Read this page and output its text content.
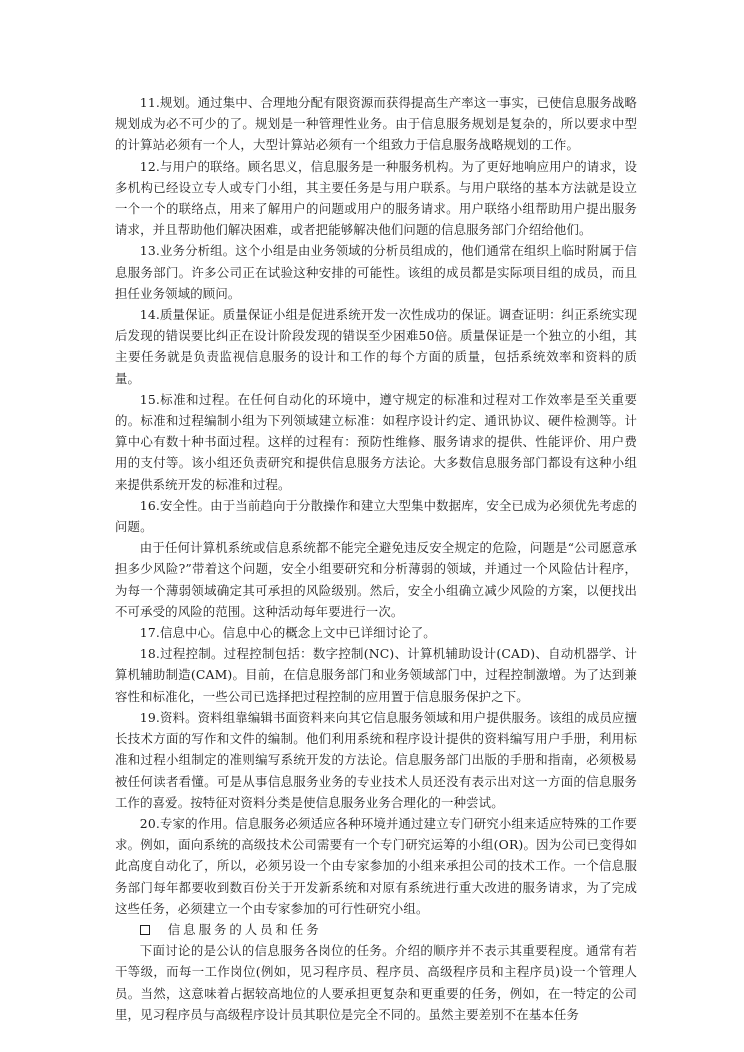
11.规划。通过集中、合理地分配有限资源而获得提高生产率这一事实，已使信息服务战略规划成为必不可少的了。规划是一种管理性业务。由于信息服务规划是复杂的，所以要求中型的计算站必须有一个人，大型计算站必须有一个组致力于信息服务战略规划的工作。

12.与用户的联络。顾名思义，信息服务是一种服务机构。为了更好地响应用户的请求，设多机构已经设立专人或专门小组，其主要任务是与用户联系。与用户联络的基本方法就是设立一个一个的联络点，用来了解用户的问题或用户的服务请求。用户联络小组帮助用户提出服务请求，并且帮助他们解决困难，或者把能够解决他们问题的信息服务部门介绍给他们。

13.业务分析组。这个小组是由业务领域的分析员组成的，他们通常在组织上临时附属于信息服务部门。许多公司正在试验这种安排的可能性。该组的成员都是实际项目组的成员，而且担任业务领域的顾问。

14.质量保证。质量保证小组是促进系统开发一次性成功的保证。调查证明：纠正系统实现后发现的错误要比纠正在设计阶段发现的错误至少困难50倍。质量保证是一个独立的小组，其主要任务就是负责监视信息服务的设计和工作的每个方面的质量，包括系统效率和资料的质量。

15.标准和过程。在任何自动化的环境中，遵守规定的标准和过程对工作效率是至关重要的。标准和过程编制小组为下列领域建立标准：如程序设计约定、通讯协议、硬件检测等。计算中心有数十种书面过程。这样的过程有：预防性维修、服务请求的提供、性能评价、用户费用的支付等。该小组还负责研究和提供信息服务方法论。大多数信息服务部门都设有这种小组来提供系统开发的标准和过程。

16.安全性。由于当前趋向于分散操作和建立大型集中数据库，安全已成为必须优先考虑的问题。

由于任何计算机系统或信息系统都不能完全避免违反安全规定的危险，问题是“公司愿意承担多少风险?”带着这个问题，安全小组要研究和分析薄弱的领域，并通过一个风险估计程序，为每一个薄弱领域确定其可承担的风险级别。然后，安全小组确立减少风险的方案，以便找出不可承受的风险的范围。这种活动每年要进行一次。

17.信息中心。信息中心的概念上文中已详细讨论了。

18.过程控制。过程控制包括：数字控制(NC)、计算机辅助设计(CAD)、自动机器学、计算机辅助制造(CAM)。目前，在信息服务部门和业务领域部门中，过程控制激增。为了达到兼容性和标准化，一些公司已选择把过程控制的应用置于信息服务保护之下。

19.资料。资料组靠编辑书面资料来向其它信息服务领域和用户提供服务。该组的成员应擅长技术方面的写作和文件的编制。他们利用系统和程序设计提供的资料编写用户手册，利用标准和过程小组制定的准则编写系统开发的方法论。信息服务部门出版的手册和指南，必须极易被任何读者看懂。可是从事信息服务业务的专业技术人员还没有表示出对这一方面的信息服务工作的喜爱。按特征对资料分类是使信息服务业务合理化的一种尝试。

20.专家的作用。信息服务必须适应各种环境并通过建立专门研究小组来适应特殊的工作要求。例如，面向系统的高级技术公司需要有一个专门研究运筹的小组(OR)。因为公司已变得如此高度自动化了，所以，必须另设一个由专家参加的小组来承担公司的技术工作。一个信息服务部门每年都要收到数百份关于开发新系统和对原有系统进行重大改进的服务请求，为了完成这些任务，必须建立一个由专家参加的可行性研究小组。

信息服务的人员和任务

下面讨论的是公认的信息服务各岗位的任务。介绍的顺序并不表示其重要程度。通常有若干等级，而每一工作岗位(例如，见习程序员、程序员、高级程序员和主程序员)设一个管理人员。当然，这意味着占据较高地位的人要承担更复杂和更重要的任务，例如，在一特定的公司里，见习程序员与高级程序设计员其职位是完全不同的。虽然主要差别不在基本任务
